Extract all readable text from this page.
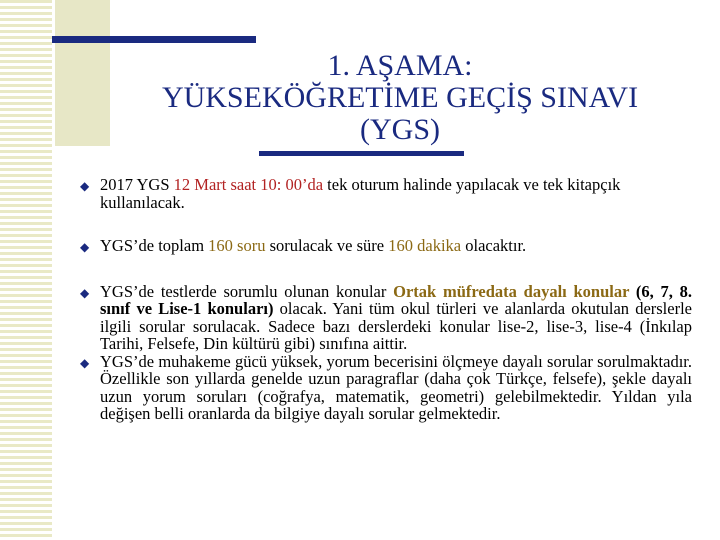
1. AŞAMA:
YÜKSEKÖĞRETİME GEÇİŞ SINAVI
(YGS)
◆ 2017 YGS 12 Mart saat 10: 00’da tek oturum halinde yapılacak ve tek kitapçık kullanılacak.
◆ YGS’de toplam 160 soru sorulacak ve süre 160 dakika olacaktır.
◆ YGS’de testlerde sorumlu olunan konular Ortak müfredata dayalı konular (6, 7, 8. sınıf ve Lise-1 konuları) olacak. Yani tüm okul türleri ve alanlarda okutulan derslerle ilgili sorular sorulacak. Sadece bazı derslerdeki konular lise-2, lise-3, lise-4 (İnkılap Tarihi, Felsefe, Din kültürü gibi) sınıfına aittir.
◆ YGS’de muhakeme gücü yüksek, yorum becerisini ölçmeye dayalı sorular sorulmaktadır. Özellikle son yıllarda genelde uzun paragraflar (daha çok Türkçe, felsefe), şekle dayalı uzun yorum soruları (coğrafya, matematik, geometri) gelebilmektedir. Yıldan yıla değişen belli oranlarda da bilgiye dayalı sorular gelmektedir.
